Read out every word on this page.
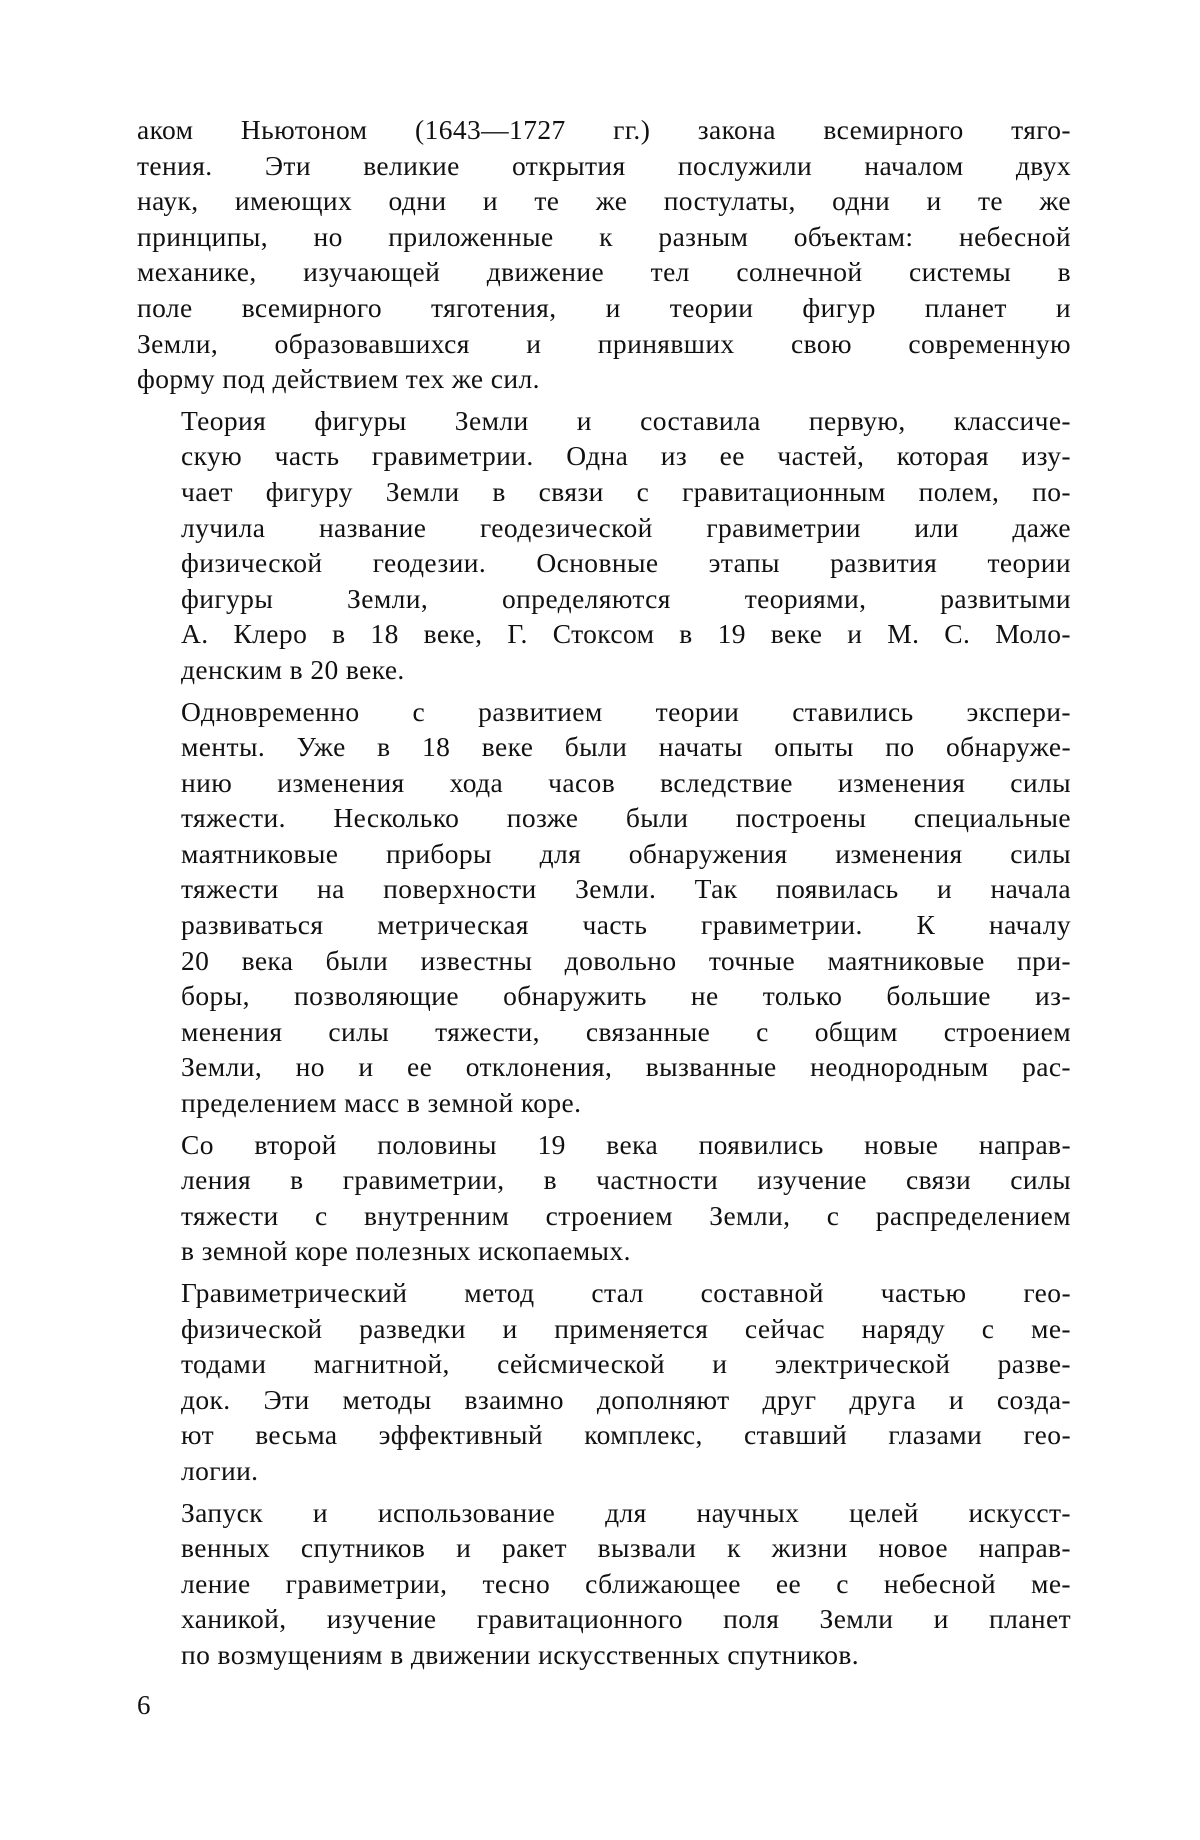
аком Ньютоном (1643—1727 гг.) закона всемирного тяго-
тения. Эти великие открытия послужили началом двух
наук, имеющих одни и те же постулаты, одни и те же
принципы, но приложенные к разным объектам: небесной
механике, изучающей движение тел солнечной системы в
поле всемирного тяготения, и теории фигур планет и
Земли, образовавшихся и принявших свою современную
форму под действием тех же сил.

Теория фигуры Земли и составила первую, классиче-
скую часть гравиметрии. Одна из ее частей, которая изу-
чает фигуру Земли в связи с гравитационным полем, по-
лучила название геодезической гравиметрии или даже
физической геодезии. Основные этапы развития теории
фигуры Земли, определяются теориями, развитыми
А. Клеро в 18 веке, Г. Стоксом в 19 веке и М. С. Моло-
денским в 20 веке.

Одновременно с развитием теории ставились экспери-
менты. Уже в 18 веке были начаты опыты по обнаруже-
нию изменения хода часов вследствие изменения силы
тяжести. Несколько позже были построены специальные
маятниковые приборы для обнаружения изменения силы
тяжести на поверхности Земли. Так появилась и начала
развиваться метрическая часть гравиметрии. К началу
20 века были известны довольно точные маятниковые при-
боры, позволяющие обнаружить не только большие из-
менения силы тяжести, связанные с общим строением
Земли, но и ее отклонения, вызванные неоднородным рас-
пределением масс в земной коре.

Со второй половины 19 века появились новые направ-
ления в гравиметрии, в частности изучение связи силы
тяжести с внутренним строением Земли, с распределением
в земной коре полезных ископаемых.

Гравиметрический метод стал составной частью гео-
физической разведки и применяется сейчас наряду с ме-
тодами магнитной, сейсмической и электрической разве-
док. Эти методы взаимно дополняют друг друга и созда-
ют весьма эффективный комплекс, ставший глазами гео-
логии.

Запуск и использование для научных целей искусст-
венных спутников и ракет вызвали к жизни новое направ-
ление гравиметрии, тесно сближающее ее с небесной ме-
ханикой, изучение гравитационного поля Земли и планет
по возмущениям в движении искусственных спутников.

6
